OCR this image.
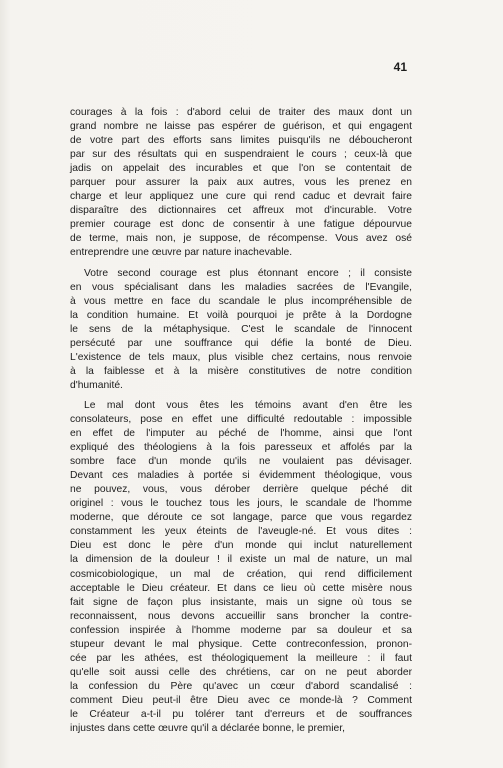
41
courages à la fois : d'abord celui de traiter des maux dont un
grand nombre ne laisse pas espérer de guérison, et qui engagent
de votre part des efforts sans limites puisqu'ils ne déboucheront
par sur des résultats qui en suspendraient le cours ; ceux-là que
jadis on appelait des incurables et que l'on se contentait de
parquer pour assurer la paix aux autres, vous les prenez en
charge et leur appliquez une cure qui rend caduc et devrait faire
disparaître des dictionnaires cet affreux mot d'incurable. Votre
premier courage est donc de consentir à une fatigue dépourvue
de terme, mais non, je suppose, de récompense. Vous avez osé
entreprendre une œuvre par nature inachevable.
Votre second courage est plus étonnant encore ; il consiste
en vous spécialisant dans les maladies sacrées de l'Evangile,
à vous mettre en face du scandale le plus incompréhensible de
la condition humaine. Et voilà pourquoi je prête à la Dordogne
le sens de la métaphysique. C'est le scandale de l'innocent
persécuté par une souffrance qui défie la bonté de Dieu.
L'existence de tels maux, plus visible chez certains, nous renvoie
à la faiblesse et à la misère constitutives de notre condition
d'humanité.
Le mal dont vous êtes les témoins avant d'en être les
consolateurs, pose en effet une difficulté redoutable : impossible
en effet de l'imputer au péché de l'homme, ainsi que l'ont
expliqué des théologiens à la fois paresseux et affolés par la
sombre face d'un monde qu'ils ne voulaient pas dévisager.
Devant ces maladies à portée si évidemment théologique, vous
ne pouvez, vous, vous dérober derrière quelque péché dit
originel : vous le touchez tous les jours, le scandale de l'homme
moderne, que déroute ce sot langage, parce que vous regardez
constamment les yeux éteints de l'aveugle-né. Et vous dites :
Dieu est donc le père d'un monde qui inclut naturellement
la dimension de la douleur ! il existe un mal de nature, un mal
cosmicobiologique, un mal de création, qui rend difficilement
acceptable le Dieu créateur. Et dans ce lieu où cette misère nous
fait signe de façon plus insistante, mais un signe où tous se
reconnaissent, nous devons accueillir sans broncher la contre-
confession inspirée à l'homme moderne par sa douleur et sa
stupeur devant le mal physique. Cette contreconfession, pronon-
cée par les athées, est théologiquement la meilleure : il faut
qu'elle soit aussi celle des chrétiens, car on ne peut aborder
la confession du Père qu'avec un cœur d'abord scandalisé :
comment Dieu peut-il être Dieu avec ce monde-là ? Comment
le Créateur a-t-il pu tolérer tant d'erreurs et de souffrances
injustes dans cette œuvre qu'il a déclarée bonne, le premier,
